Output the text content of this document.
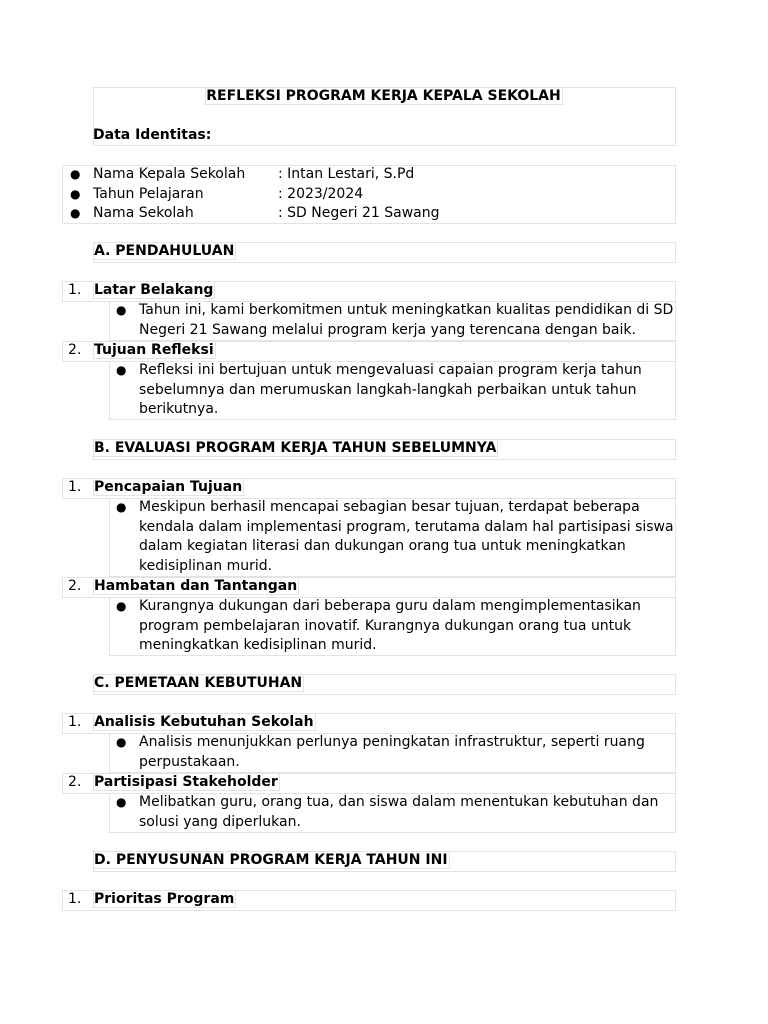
REFLEKSI PROGRAM KERJA KEPALA SEKOLAH
Data Identitas:
● Nama Kepala Sekolah : Intan Lestari, S.Pd
● Tahun Pelajaran	: 2023/2024
● Nama Sekolah	: SD Negeri 21 Sawang
A. PENDAHULUAN
1. Latar Belakang
● Tahun ini, kami berkomitmen untuk meningkatkan kualitas pendidikan di SD
Negeri 21 Sawang melalui program kerja yang terencana dengan baik.
2. Tujuan Refleksi
● Refleksi ini bertujuan untuk mengevaluasi capaian program kerja tahun
sebelumnya dan merumuskan langkah-langkah perbaikan untuk tahun
berikutnya.
B. EVALUASI PROGRAM KERJA TAHUN SEBELUMNYA
1. Pencapaian Tujuan
● Meskipun berhasil mencapai sebagian besar tujuan, terdapat beberapa
kendala dalam implementasi program, terutama dalam hal partisipasi siswa
dalam kegiatan literasi dan dukungan orang tua untuk meningkatkan
kedisiplinan murid.
2. Hambatan dan Tantangan
● Kurangnya dukungan dari beberapa guru dalam mengimplementasikan
program pembelajaran inovatif. Kurangnya dukungan orang tua untuk
meningkatkan kedisiplinan murid.
C. PEMETAAN KEBUTUHAN
1. Analisis Kebutuhan Sekolah
● Analisis menunjukkan perlunya peningkatan infrastruktur, seperti ruang
perpustakaan.
2. Partisipasi Stakeholder
● Melibatkan guru, orang tua, dan siswa dalam menentukan kebutuhan dan
solusi yang diperlukan.
D. PENYUSUNAN PROGRAM KERJA TAHUN INI
1. Prioritas Program
